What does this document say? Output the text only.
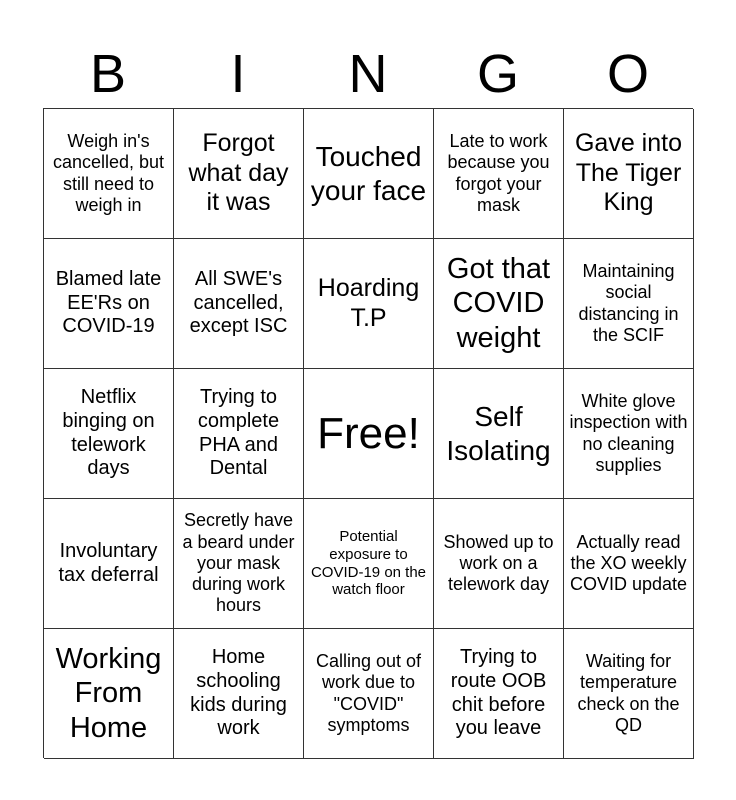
B	I	N	G	O
Weigh in's cancelled, but still need to weigh in
Forgot what day it was
Touched your face
Late to work because you forgot your mask
Gave into The Tiger King
Blamed late EE'Rs on COVID-19
All SWE's cancelled, except ISC
Hoarding T.P
Got that COVID weight
Maintaining social distancing in the SCIF
Netflix binging on telework days
Trying to complete PHA and Dental
Free!	Self Isolating
White glove inspection with no cleaning supplies
Involuntary tax deferral
Secretly have a beard under your mask during work hours
Potential exposure to COVID-19 on the watch floor
Showed up to work on a telework day
Actually read the XO weekly COVID update
Working From Home
Home schooling kids during work
Calling out of work due to "COVID" symptoms
Trying to route OOB chit before you leave
Waiting for temperature check on the QD
